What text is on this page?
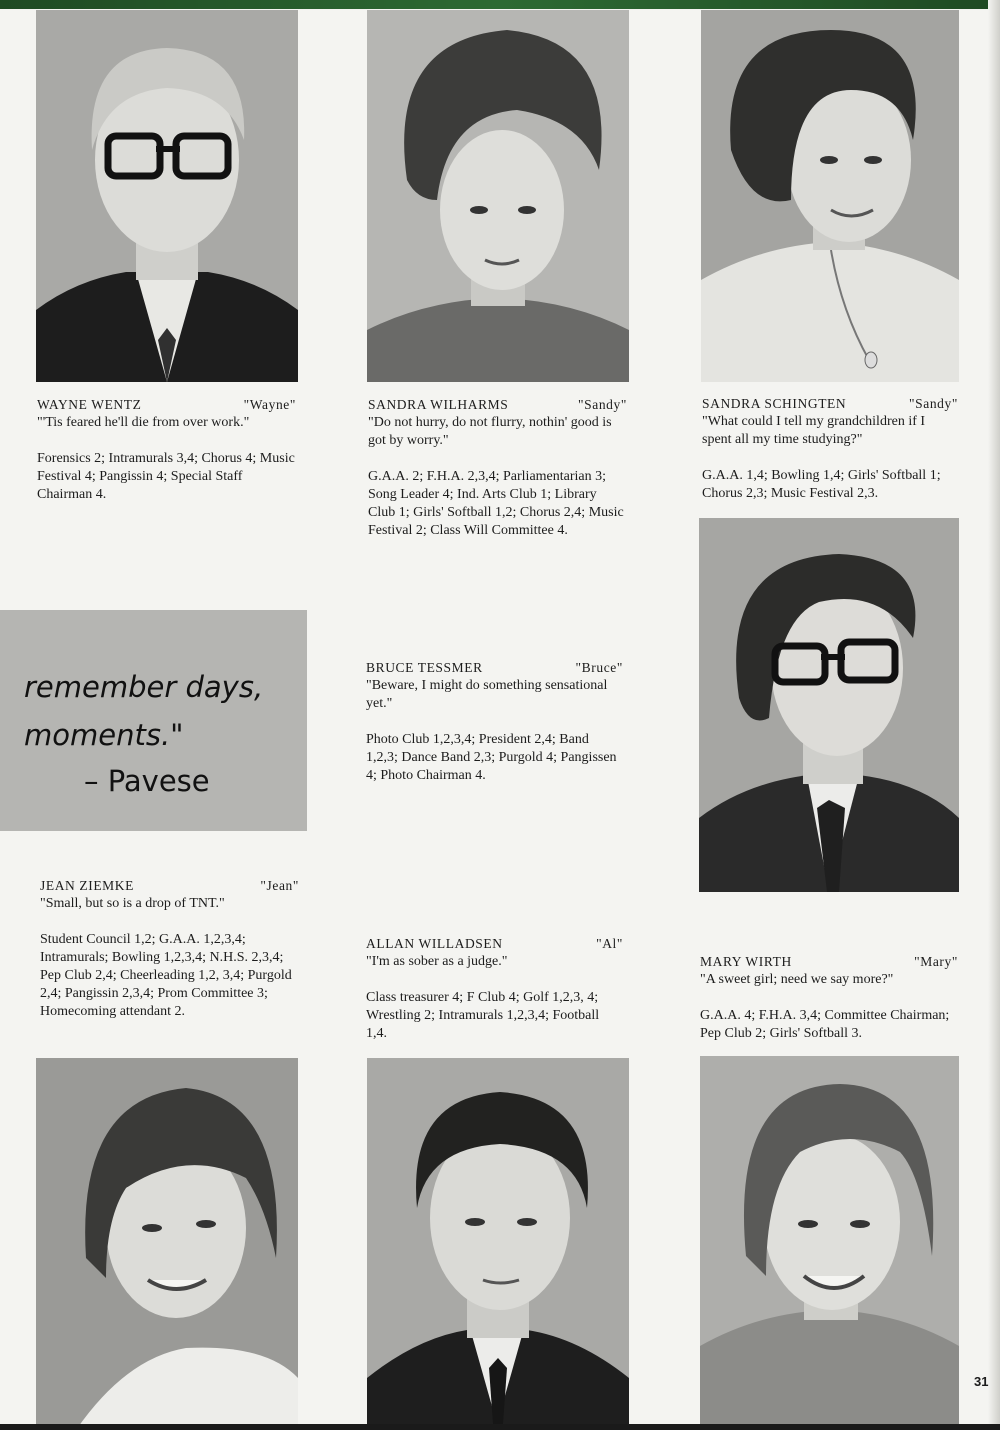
WAYNE WENTZ	"Wayne"
"'Tis feared he'll die from over work."
Forensics 2; Intramurals 3,4; Chorus 4; Music Festival 4; Pangissin 4; Special Staff Chairman 4.
SANDRA WILHARMS	"Sandy"
"Do not hurry, do not flurry, nothin' good is got by worry."
G.A.A. 2; F.H.A. 2,3,4; Parliamentarian 3; Song Leader 4; Ind. Arts Club 1; Library Club 1; Girls' Softball 1,2; Chorus 2,4; Music Festival 2; Class Will Committee 4.
SANDRA SCHINGTEN	"Sandy"
"What could I tell my grandchildren if I spent all my time studying?"
G.A.A. 1,4; Bowling 1,4; Girls' Softball 1; Chorus 2,3; Music Festival 2,3.
BRUCE TESSMER	"Bruce"
"Beware, I might do something sensational yet."
Photo Club 1,2,3,4; President 2,4; Band 1,2,3; Dance Band 2,3; Purgold 4; Pangissen 4; Photo Chairman 4.
JEAN ZIEMKE	"Jean"
"Small, but so is a drop of TNT."
Student Council 1,2; G.A.A. 1,2,3,4; Intramurals; Bowling 1,2,3,4; N.H.S. 2,3,4; Pep Club 2,4; Cheerleading 1,2, 3,4; Purgold 2,4; Pangissin 2,3,4; Prom Committee 3; Homecoming attendant 2.
ALLAN WILLADSEN	"Al"
"I'm as sober as a judge."
Class treasurer 4; F Club 4; Golf 1,2,3, 4; Wrestling 2; Intramurals 1,2,3,4; Football 1,4.
MARY WIRTH	"Mary"
"A sweet girl; need we say more?"
G.A.A. 4; F.H.A. 3,4; Committee Chairman; Pep Club 2; Girls' Softball 3.
remember days,
moments."
– Pavese
31
